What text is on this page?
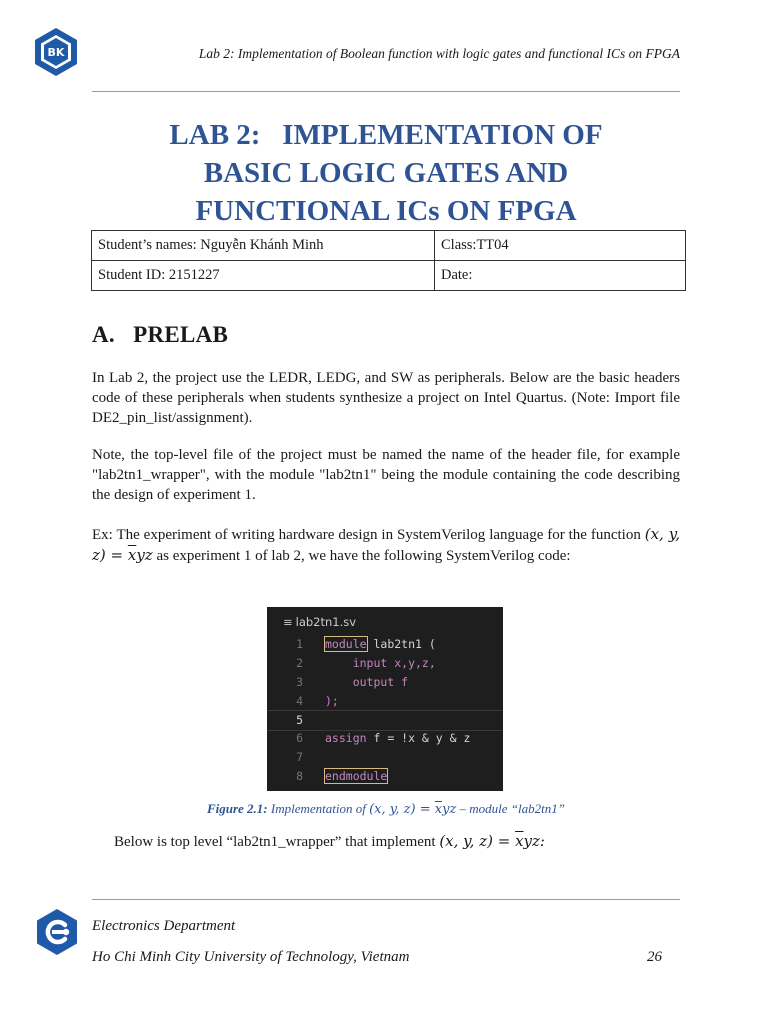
BK	Lab 2: Implementation of Boolean function with logic gates and functional ICs on FPGA
LAB 2:   IMPLEMENTATION OF
BASIC LOGIC GATES AND
FUNCTIONAL ICs ON FPGA
Student’s names: Nguyễn Khánh Minh	Class:TT04
Student ID: 2151227	Date:
A.   PRELAB

In Lab 2, the project use the LEDR, LEDG, and SW as peripherals. Below are the basic headers code of these peripherals when students synthesize a project on Intel Quartus. (Note: Import file DE2_pin_list/assignment).

Note, the top-level file of the project must be named the name of the header file, for example "lab2tn1_wrapper", with the module "lab2tn1" being the module containing the code describing the design of experiment 1.

Ex: The experiment of writing hardware design in SystemVerilog language for the function (x, y, $z) = \overline{x}yz$ as experiment 1 of lab 2, we have the following SystemVerilog code:

≡ lab2tn1.sv
1 module lab2tn1 (
2 input x,y,z,
3 output f
4 );
5
6 assign f = !x & y & z
7
8 endmodule
Figure 2.1: Implementation of (x, y, $z) = \overline{x}yz$ – module “lab2tn1”
Below is top level “lab2tn1_wrapper” that implement (x, y, $z) = \overline{x}yz$:
Electronics Department
Ho Chi Minh City University of Technology, Vietnam	26
